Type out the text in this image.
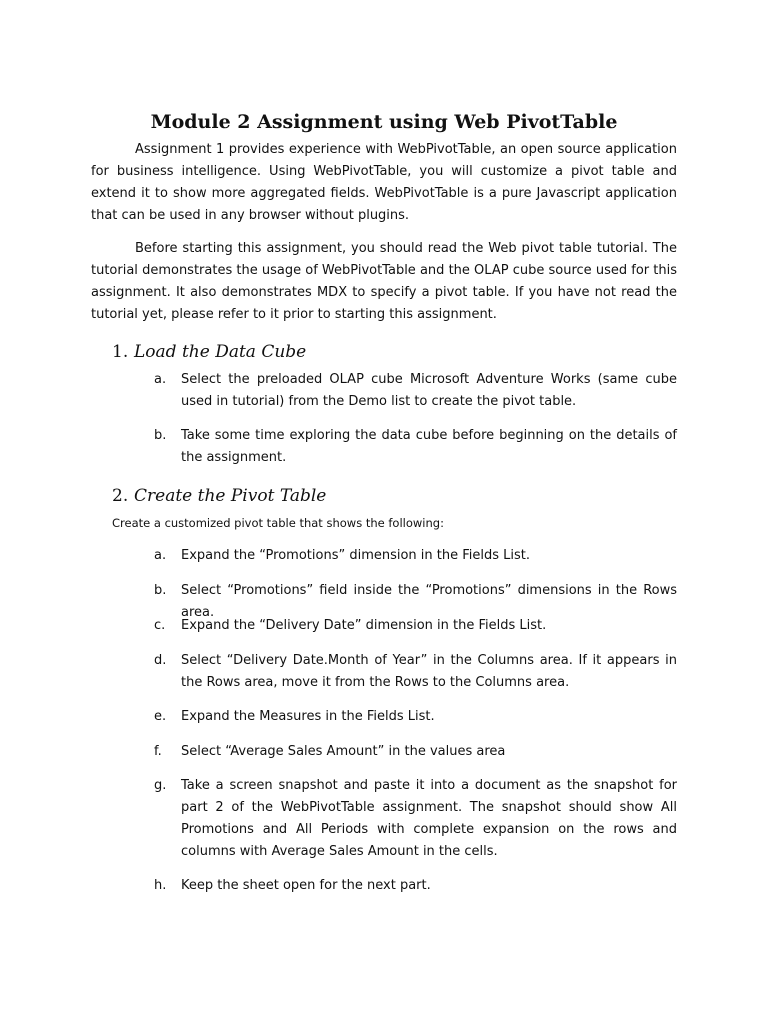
Module 2 Assignment using Web PivotTable

Assignment 1 provides experience with WebPivotTable, an open source application for business intelligence. Using WebPivotTable, you will customize a pivot table and extend it to show more aggregated fields. WebPivotTable is a pure Javascript application that can be used in any browser without plugins.

Before starting this assignment, you should read the Web pivot table tutorial. The tutorial demonstrates the usage of WebPivotTable and the OLAP cube source used for this assignment. It also demonstrates MDX to specify a pivot table. If you have not read the tutorial yet, please refer to it prior to starting this assignment.

1. Load the Data Cube
a.	Select the preloaded OLAP cube Microsoft Adventure Works (same cube used in tutorial) from the Demo list to create the pivot table.
b.	Take some time exploring the data cube before beginning on the details of the assignment.
2. Create the Pivot Table
Create a customized pivot table that shows the following:
a.	Expand the “Promotions” dimension in the Fields List.
b.	Select “Promotions” field inside the “Promotions” dimensions in the Rows area.
c.	Expand the “Delivery Date” dimension in the Fields List.
d.	Select “Delivery Date.Month of Year” in the Columns area. If it appears in the Rows area, move it from the Rows to the Columns area.
e.	Expand the Measures in the Fields List.
f.	Select “Average Sales Amount” in the values area
g.	Take a screen snapshot and paste it into a document as the snapshot for part 2 of the WebPivotTable assignment. The snapshot should show All Promotions and All Periods with complete expansion on the rows and columns with Average Sales Amount in the cells.
h.	Keep the sheet open for the next part.
